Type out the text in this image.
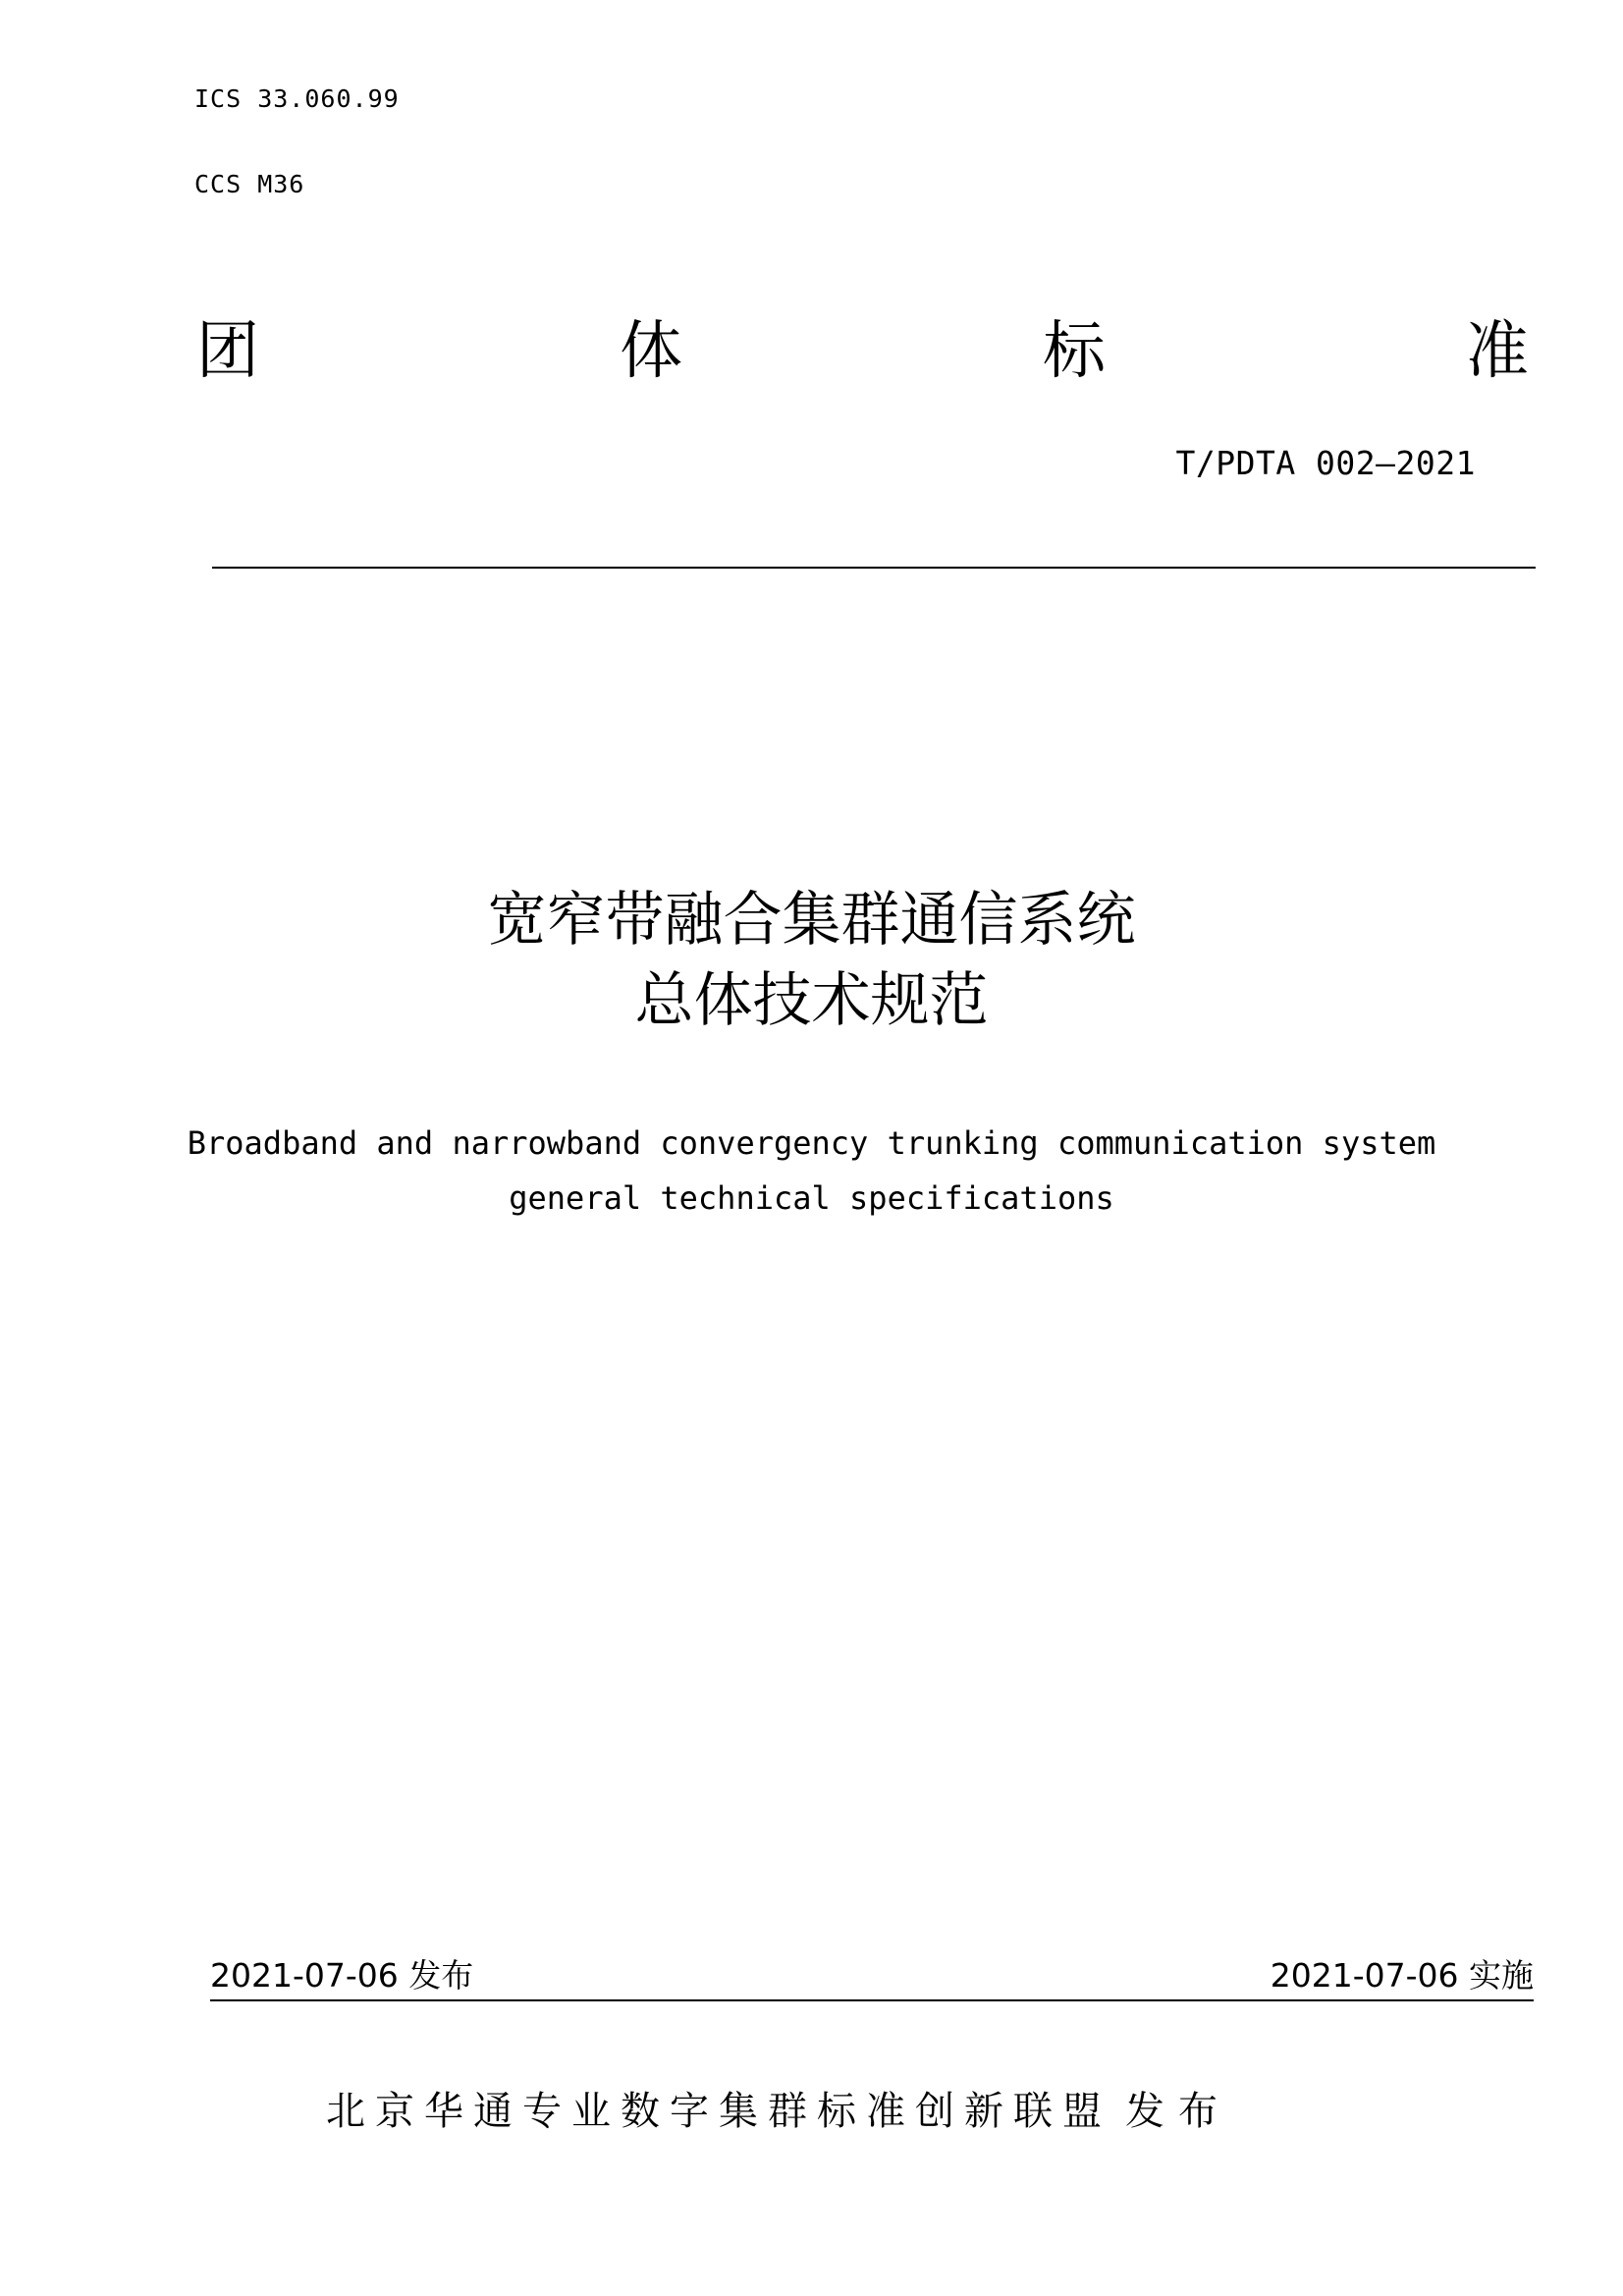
ICS 33.060.99
CCS M36
团	体	标	准
T/PDTA 002—2021
宽窄带融合集群通信系统
总体技术规范
Broadband and narrowband convergency trunking communication system
general technical specifications
2021-07-06 发布	2021-07-06 实施
北京华通专业数字集群标准创新联盟 发布
